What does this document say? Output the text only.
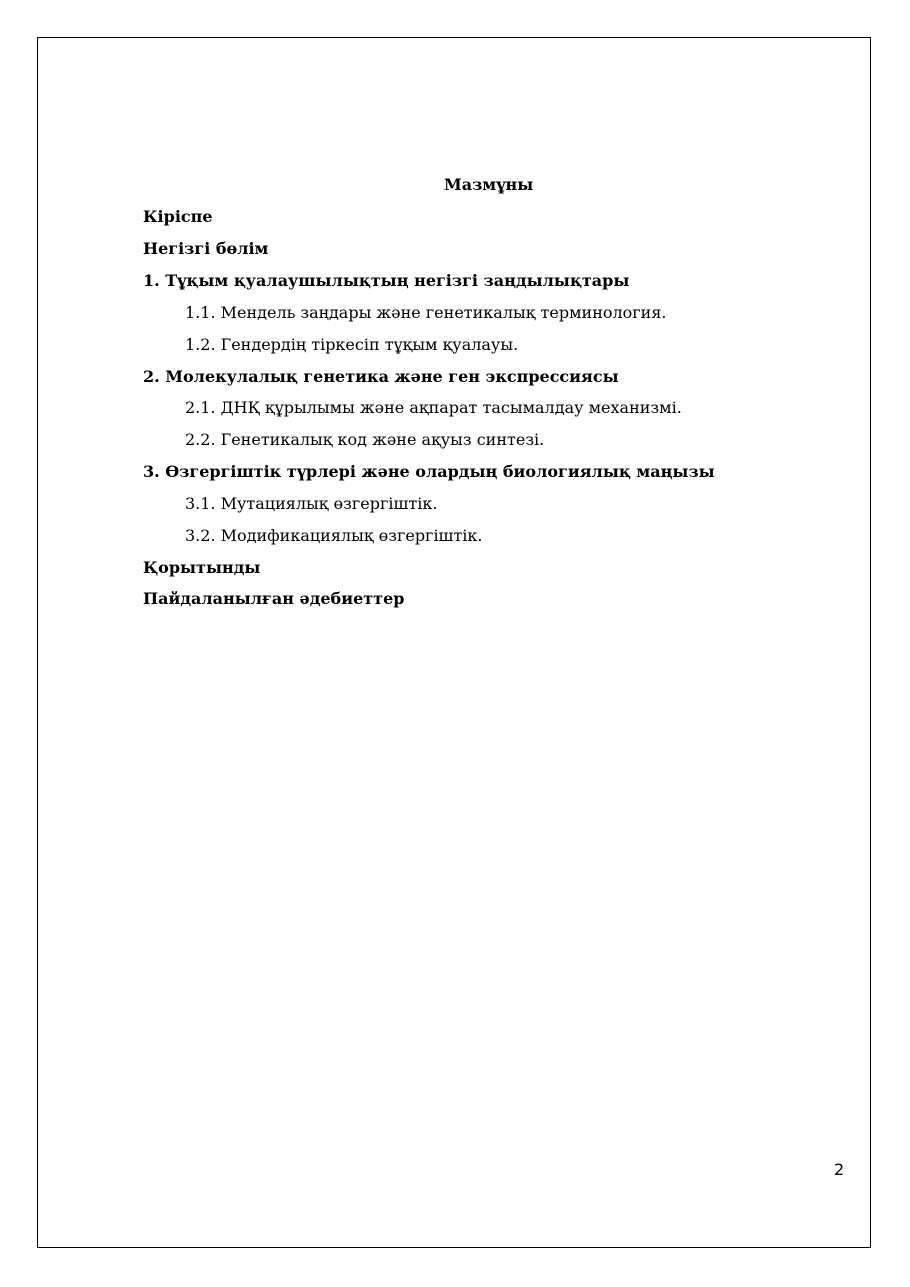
Мазмұны
Кіріспе
Негізгі бөлім
1. Тұқым қуалаушылықтың негізгі заңдылықтары
1.1. Мендель заңдары және генетикалық терминология.
1.2. Гендердің тіркесіп тұқым қуалауы.
2. Молекулалық генетика және ген экспрессиясы
2.1. ДНҚ құрылымы және ақпарат тасымалдау механизмі.
2.2. Генетикалық код және ақуыз синтезі.
3. Өзгергіштік түрлері және олардың биологиялық маңызы
3.1. Мутациялық өзгергіштік.
3.2. Модификациялық өзгергіштік.
Қорытынды
Пайдаланылған әдебиеттер
2
